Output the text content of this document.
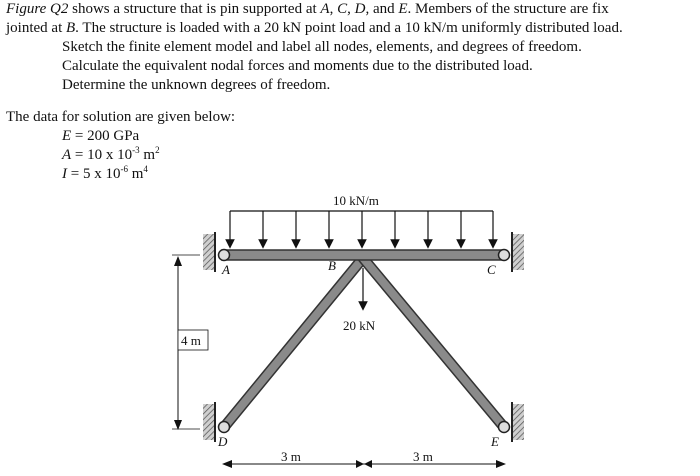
Figure Q2 shows a structure that is pin supported at A, C, D, and E. Members of the structure are fix
jointed at B. The structure is loaded with a 20 kN point load and a 10 kN/m uniformly distributed load.
Sketch the finite element model and label all nodes, elements, and degrees of freedom.
Calculate the equivalent nodal forces and moments due to the distributed load.
Determine the unknown degrees of freedom.
The data for solution are given below:
E = 200 GPa
A = 10 x $10^{-3}$ $m^2$
I = 5 x $10^{-6}$ $m^4$
10 kN/m
20 kN
A	B	C
D	E
4 m
3 m	3 m
